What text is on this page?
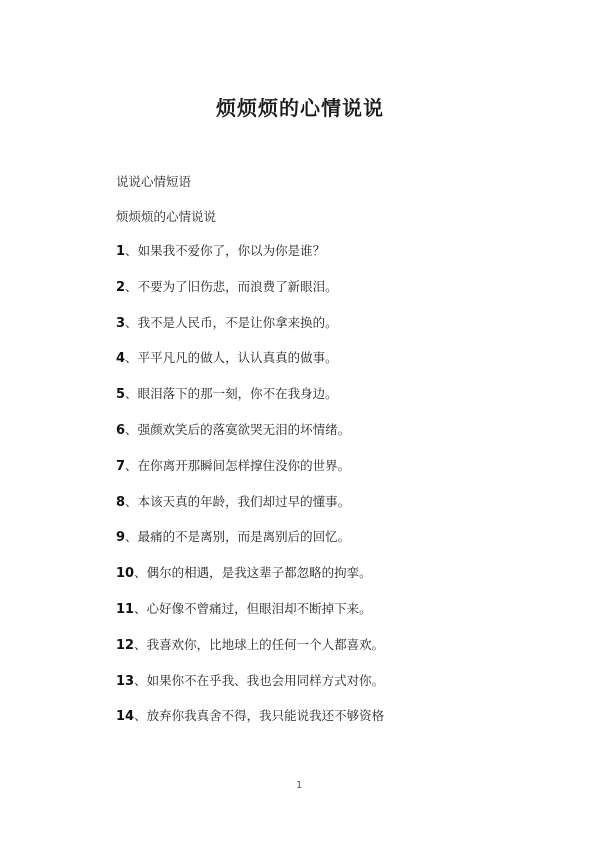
烦烦烦的心情说说
说说心情短语
烦烦烦的心情说说
1、如果我不爱你了，你以为你是谁？
2、不要为了旧伤悲，而浪费了新眼泪。
3、我不是人民币，不是让你拿来换的。
4、平平凡凡的做人，认认真真的做事。
5、眼泪落下的那一刻，你不在我身边。
6、强颜欢笑后的落寞欲哭无泪的坏情绪。
7、在你离开那瞬间怎样撑住没你的世界。
8、本该天真的年龄，我们却过早的懂事。
9、最痛的不是离别，而是离别后的回忆。
10、偶尔的相遇，是我这辈子都忽略的拘挛。
11、心好像不曾痛过，但眼泪却不断掉下来。
12、我喜欢你，比地球上的任何一个人都喜欢。
13、如果你不在乎我、我也会用同样方式对你。
14、放弃你我真舍不得，我只能说我还不够资格
1
